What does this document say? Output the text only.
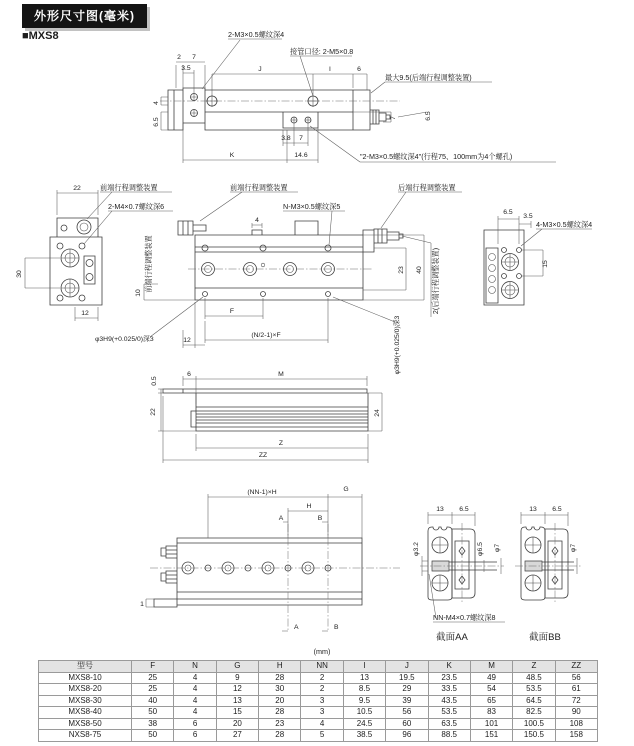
外形尺寸图(毫米)
■MXS8
2 7
3.5	J	I	6
4
6.5	7	6.5
3.8 7
K	14.6
2-M3×0.5螺纹深4
接管口径: 2-M5×0.8
最大9.5(后端行程调整装置)
"2-M3×0.5螺纹深4"(行程75、100mm为4个螺孔)
22
30
12
前端行程调整装置
2-M4×0.7螺纹深6
4
前端行程调整装置	后端行程调整装置
N-M3×0.5螺纹深5
前端行程调整装置
10
23 40 2(后端行程调整装置)
F
(N/2-1)×F
12
φ3H9(+0.025/0)深3	φ3H9(+0.025/0)深3
6.5
3.5
15
4-M3×0.5螺纹深4
0.5
22
6	M
24
Z
ZZ
(NN-1)×H	G
H
A	B
A	B
1
13 6.5
φ3.2	φ6.5 φ7
NN-M4×0.7螺纹深8
截面AA
13 6.5
φ7
截面BB
(mm)
型号	F	N	G	H	NN	I	J	K	M	Z	ZZ
MXS8-10	25	4	9	28	2	13	19.5	23.5	49	48.5	56
MXS8-20	25	4	12	30	2	8.5	29	33.5	54	53.5	61
MXS8-30	40	4	13	20	3	9.5	39	43.5	65	64.5	72
MXS8-40	50	4	15	28	3	10.5	56	53.5	83	82.5	90
MXS8-50	38	6	20	23	4	24.5	60	63.5	101	100.5	108
NXS8-75	50	6	27	28	5	38.5	96	88.5	151	150.5	158
